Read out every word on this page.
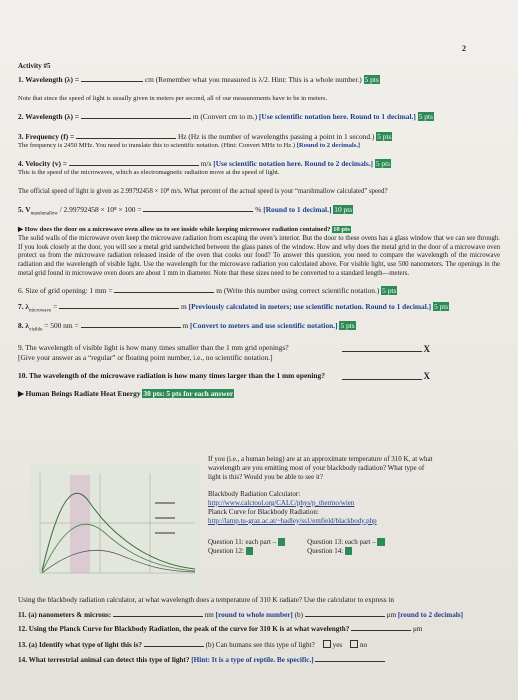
2
Activity #5
1. Wavelength (λ) =	cm (Remember what you measured is λ/2. Hint: This is a whole number.) 5 pts
Note that since the speed of light is usually given in meters per second, all of our measurements have to be in meters.
2. Wavelength (λ) =	m (Convert cm to m.) [Use scientific notation here. Round to 1 decimal.] 5 pts
3. Frequency (f) =	Hz (Hz is the number of wavelengths passing a point in 1 second.) 5 pts
The frequency is 2450 MHz. You need to translate this to scientific notation. (Hint: Convert MHz to Hz.) [Round to 2 decimals.]
4. Velocity (v) =	m/s [Use scientific notation here. Round to 2 decimals.] 5 pts
This is the speed of the microwaves, which as electromagnetic radiation move at the speed of light.
The official speed of light is given as 2.99792458 × 10⁸ m/s. What percent of the actual speed is your “marshmallow calculated” speed?
5. $V_{marshmallow} / 2.99792458 \times 10^8 \times 100$ =	% [Round to 1 decimal.] 10 pts
▶ How does the door on a microwave oven allow us to see inside while keeping microwave radiation contained? 10 pts
The solid walls of the microwave oven keep the microwave radiation from escaping the oven’s interior. But the door to these ovens has a glass window that we can see through. If you look closely at the door, you will see a metal grid sandwiched between the glass panes of the window. How and why does the metal grid in the door of a microwave oven protect us from the microwave radiation released inside of the oven that cooks our food? To answer this question, you need to compare the wavelength of the microwave radiation and the wavelength of visible light. Use the wavelength for the microwave radiation you calculated above. For visible light, use 500 nanometers. The openings in the metal grid found in microwave oven doors are about 1 mm in diameter. Note that these sizes need to be converted to a standard length—meters.
6. Size of grid opening: 1 mm =	m (Write this number using correct scientific notation.) 5 pts
7. $\lambda_{microwave}$ =	m [Previously calculated in meters; use scientific notation. Round to 1 decimal.] 5 pts
8. $\lambda_{visible} = 500$ nm =	m [Convert to meters and use scientific notation.] 5 pts
9. The wavelength of visible light is how many times smaller than the 1 mm grid openings?
[Give your answer as a “regular” or floating point number, i.e., no scientific notation.]
X
10. The wavelength of the microwave radiation is how many times larger than the 1 mm opening?	X
▶ Human Beings Radiate Heat Energy 30 pts: 5 pts for each answer
If you (i.e., a human being) are at an approximate temperature of 310 K, at what wavelength are you emitting most of your blackbody radiation? What type of light is this? Would you be able to see it?
Blackbody Radiation Calculator:
http://www.calctool.org/CALC/phys/p_thermo/wien
Planck Curve for Blackbody Radiation:
http://lamp.tu-graz.ac.at/~hadley/ss1/emfield/blackbody.php
Question 11: each part –
Question 12:
Question 13: each part –
Question 14:
Using the blackbody radiation calculator, at what wavelength does a temperature of 310 K radiate? Use the calculator to express in
11. (a) nanometers & microns:	nm [round to whole number] (b)	μm [round to 2 decimals]
12. Using the Planck Curve for Blackbody Radiation, the peak of the curve for 310 K is at what wavelength?	μm
13. (a) Identify what type of light this is?	(b) Can humans see this type of light? yes no
14. What terrestrial animal can detect this type of light? [Hint: It is a type of reptile. Be specific.]
